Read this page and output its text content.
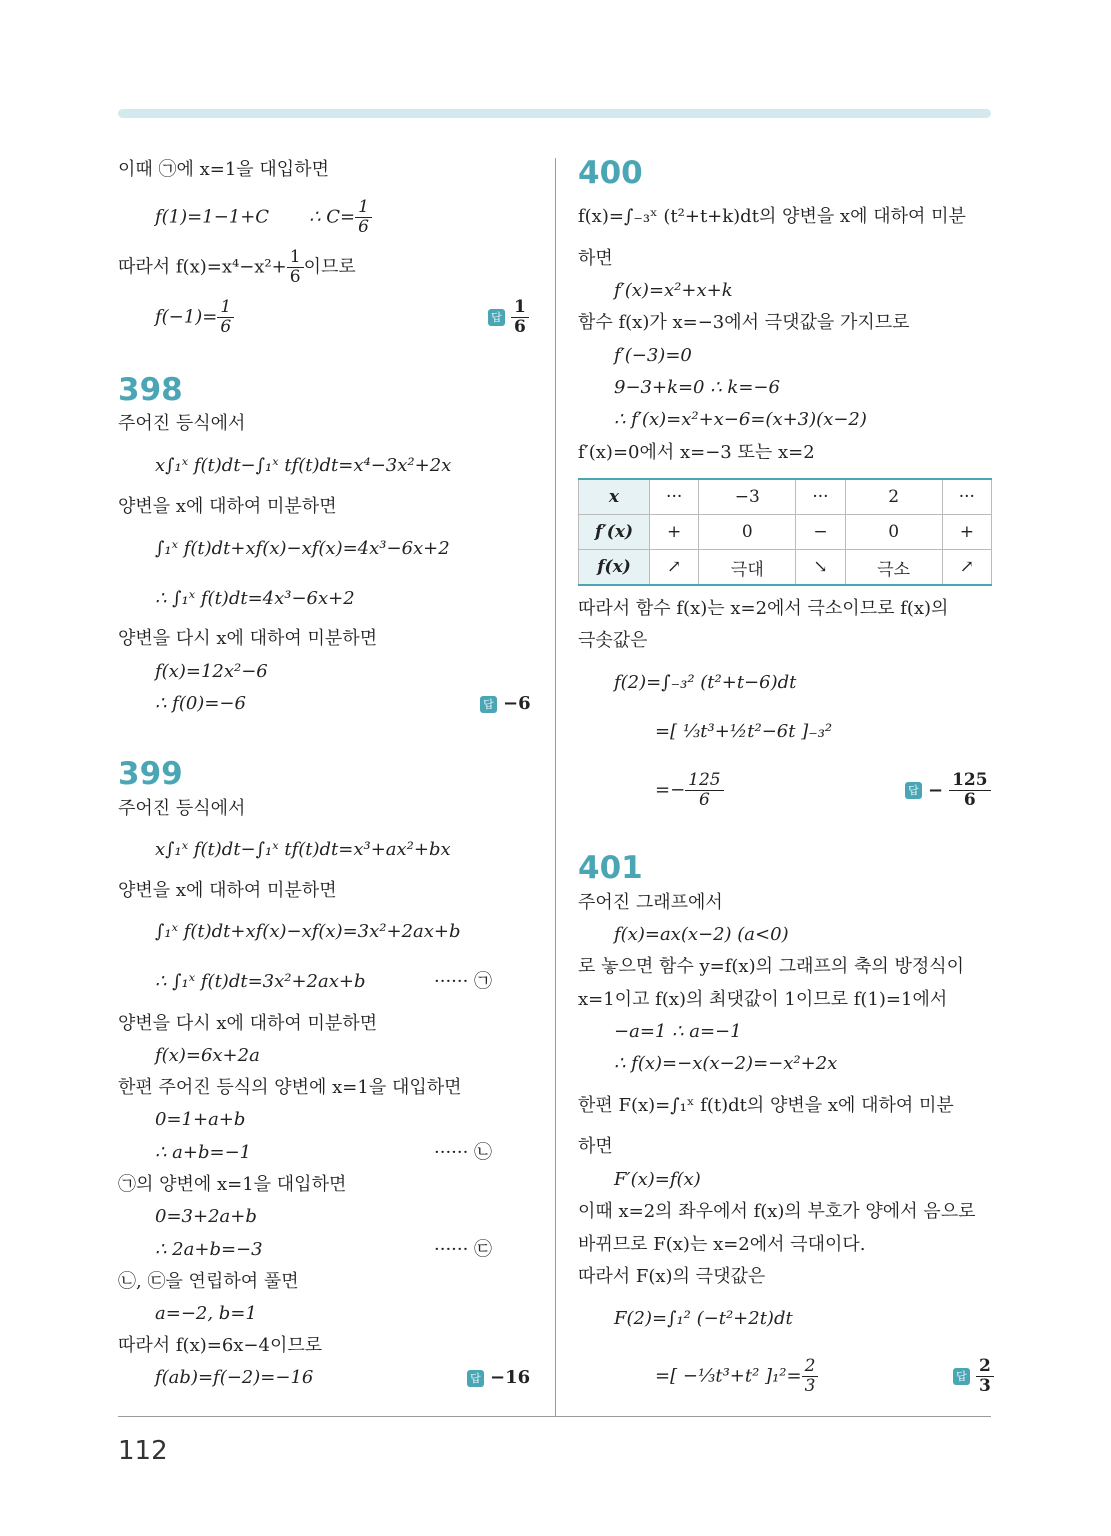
112
이때 ㉠에 x=1을 대입하면
f(1)=1−1+C ∴ $C= \frac{1}{6}$
따라서 $f(x)=x^4-x^2+ \frac{1}{6}$ 이므로
$f(-1)= \frac{1}{6}$	답 $\frac{1}{6}$
398
주어진 등식에서
x∫₁ˣ f(t)dt−∫₁ˣ tf(t)dt=x⁴−3x²+2x
양변을 x에 대하여 미분하면
∫₁ˣ f(t)dt+xf(x)−xf(x)=4x³−6x+2
∴ ∫₁ˣ f(t)dt=4x³−6x+2
양변을 다시 x에 대하여 미분하면
f(x)=12x²−6
∴ f(0)=−6	답 −6
399
주어진 등식에서
x∫₁ˣ f(t)dt−∫₁ˣ tf(t)dt=x³+ax²+bx
양변을 x에 대하여 미분하면
∫₁ˣ f(t)dt+xf(x)−xf(x)=3x²+2ax+b
∴ ∫₁ˣ f(t)dt=3x²+2ax+b	······ ㉠
양변을 다시 x에 대하여 미분하면
f(x)=6x+2a
한편 주어진 등식의 양변에 x=1을 대입하면
0=1+a+b
∴ a+b=−1	······ ㉡
㉠의 양변에 x=1을 대입하면
0=3+2a+b
∴ 2a+b=−3	······ ㉢
㉡, ㉢을 연립하여 풀면
a=−2, b=1
따라서 f(x)=6x−4이므로
f(ab)=f(−2)=−16	답 −16
400
f(x)=∫₋₃ˣ (t²+t+k)dt의 양변을 x에 대하여 미분
하면
f′(x)=x²+x+k
함수 f(x)가 x=−3에서 극댓값을 가지므로
f′(−3)=0
9−3+k=0 ∴ k=−6
∴ f′(x)=x²+x−6=(x+3)(x−2)
f′(x)=0에서 x=−3 또는 x=2
x	···	−3	···	2	···
f′(x)	+	0	−	0	+
f(x)	↗	극대	↘	극소	↗
따라서 함수 f(x)는 x=2에서 극소이므로 f(x)의
극솟값은
f(2)=∫₋₃² (t²+t−6)dt
=[ ⅓t³+½t²−6t ]₋₃²
=− $\frac{125}{6}$	답 − $\frac{125}{6}$
401
주어진 그래프에서
f(x)=ax(x−2) (a<0)
로 놓으면 함수 y=f(x)의 그래프의 축의 방정식이
x=1이고 f(x)의 최댓값이 1이므로 f(1)=1에서
−a=1 ∴ a=−1
∴ f(x)=−x(x−2)=−x²+2x
한편 F(x)=∫₁ˣ f(t)dt의 양변을 x에 대하여 미분
하면
F′(x)=f(x)
이때 x=2의 좌우에서 f(x)의 부호가 양에서 음으로
바뀌므로 F(x)는 x=2에서 극대이다.
따라서 F(x)의 극댓값은
F(2)=∫₁² (−t²+2t)dt
=[ −⅓t³+t² ]$_1^2= \frac{2}{3}$	답 $\frac{2}{3}$
